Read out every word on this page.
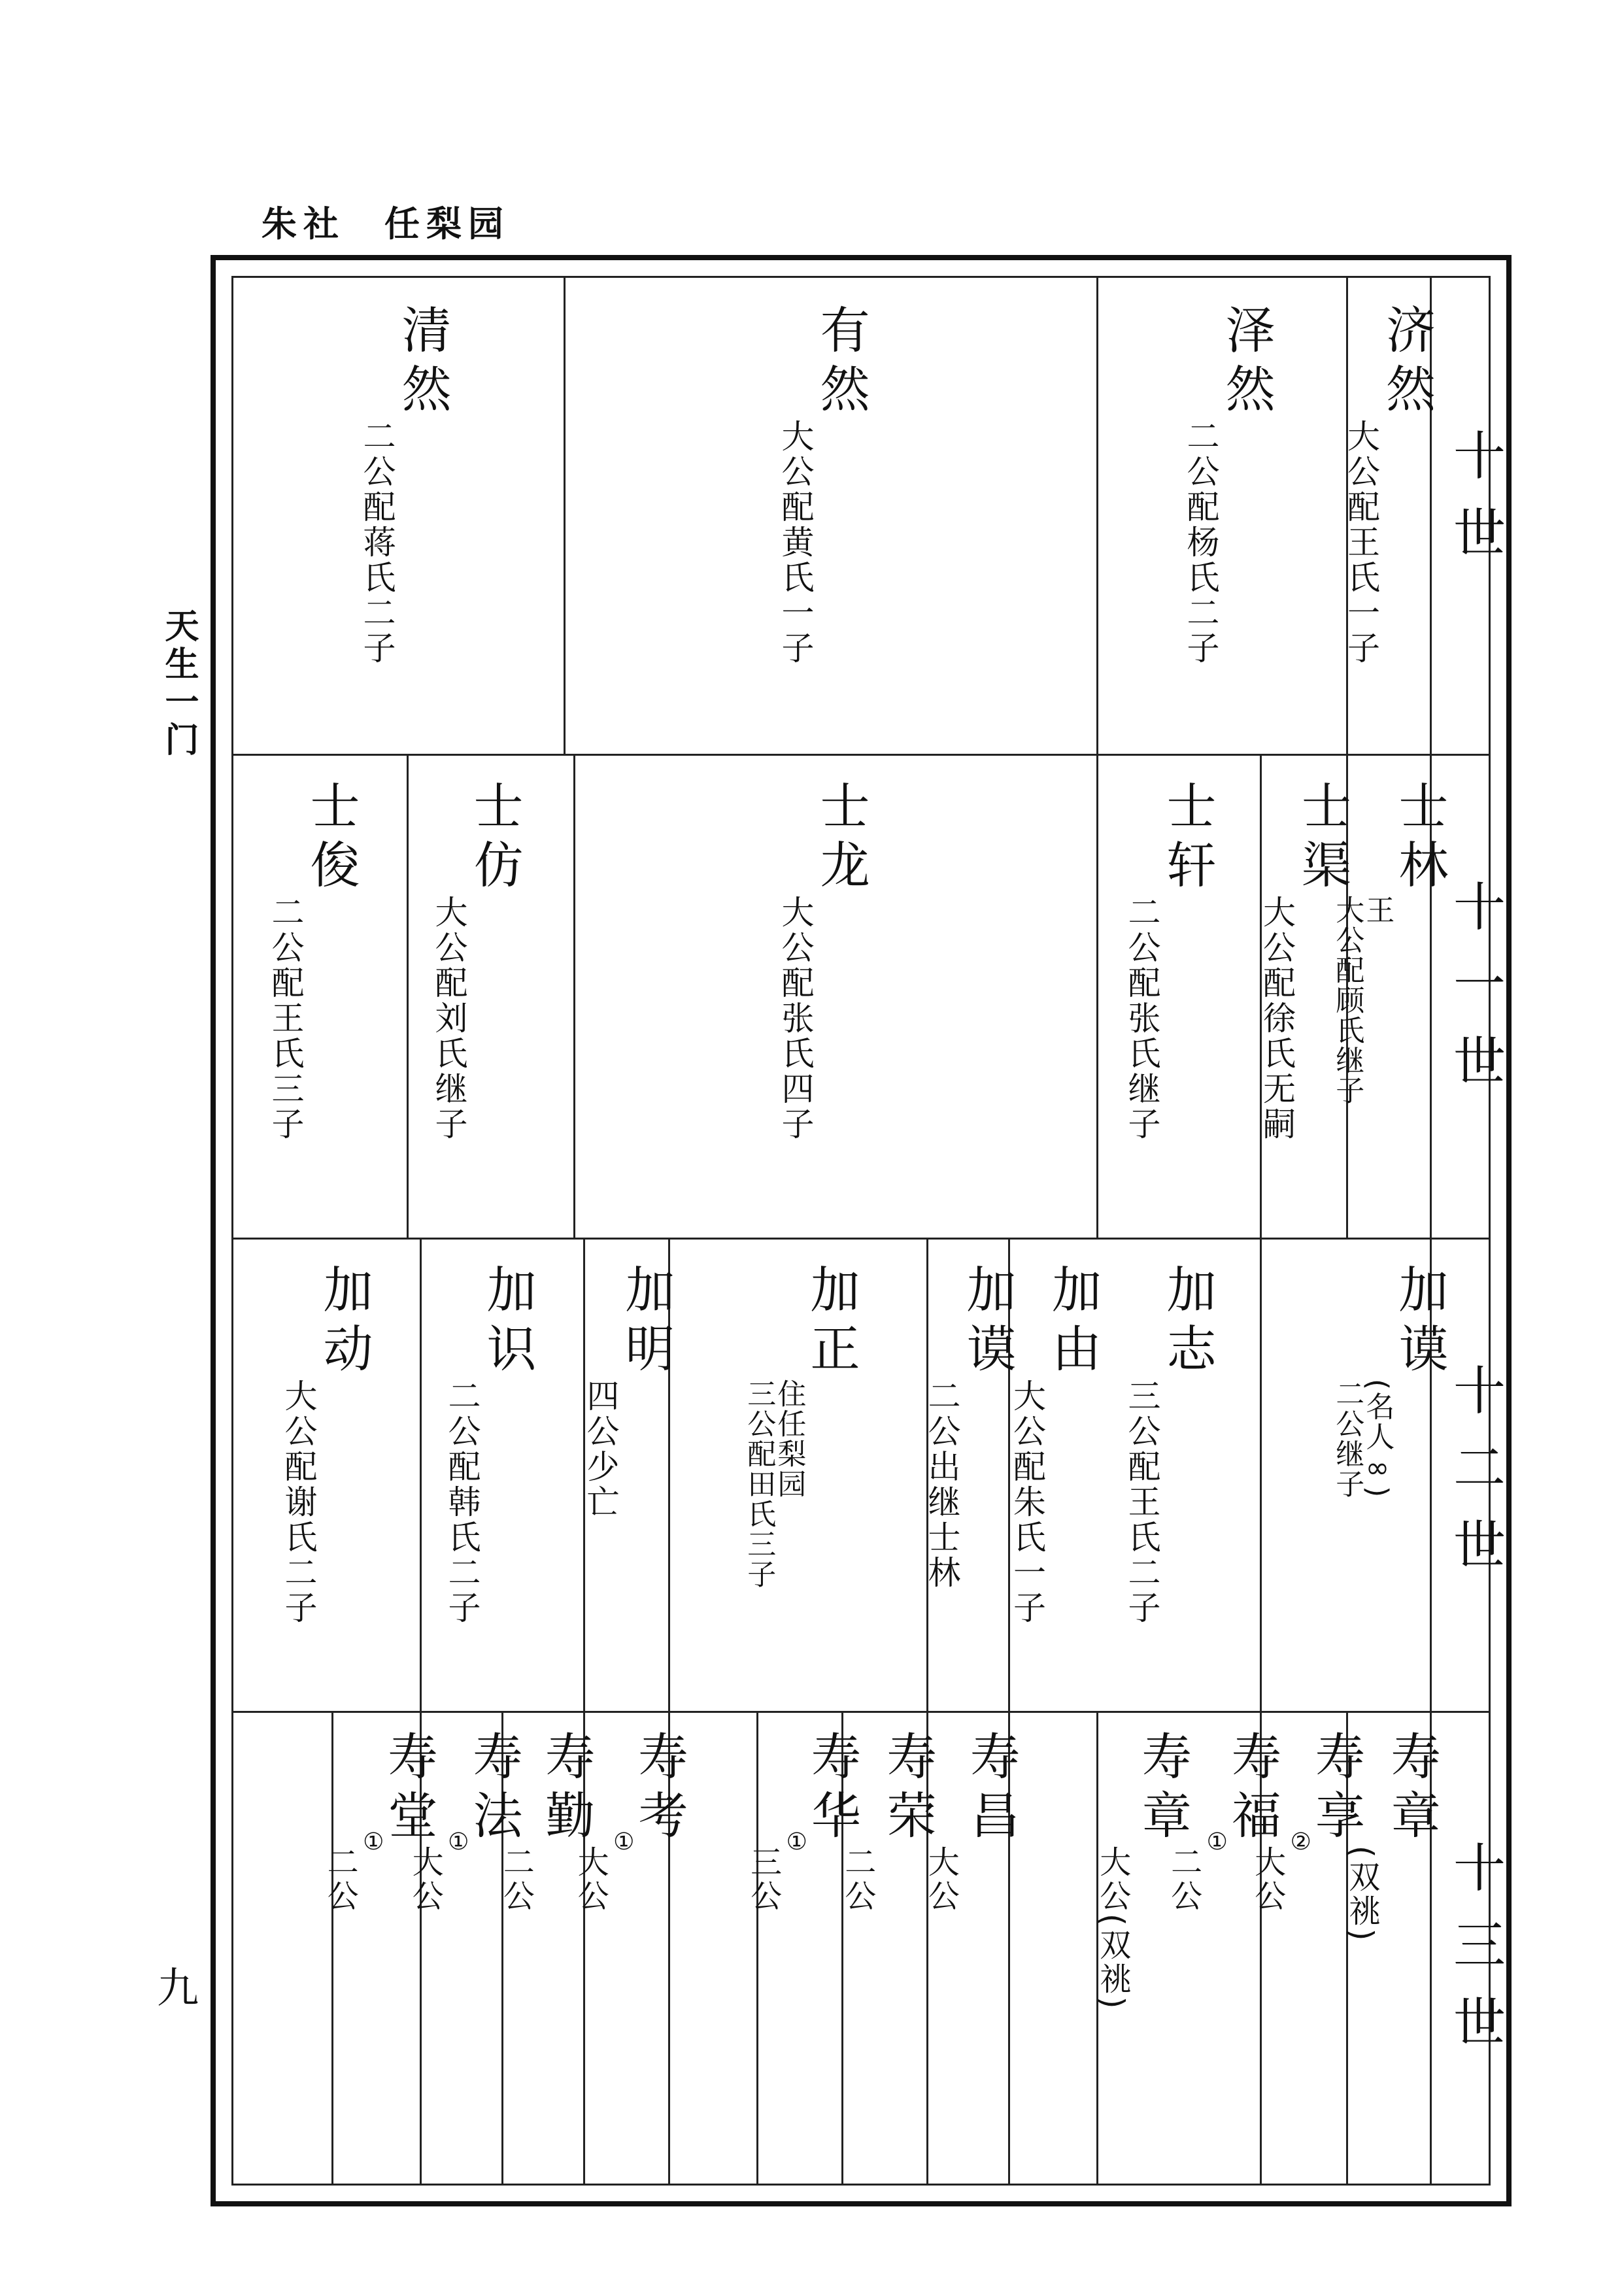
朱社 任梨园
天生一门
九
十世
十一世
十二世
十三世
济然
大公配王氏一子
泽然
二公配杨氏二子
有然
大公配黄氏一子
清然
二公配蒋氏二子
士林
王
大公配顾
氏继子
士渠
大公配徐氏无嗣
士轩
二公配张氏继子
士龙
大公配张氏四子
士仿
大公配刘氏继子
士俊
二公配王氏三子
加谟
(名人∞)
二公继子
加志
三公配王氏二子
加由
大公配朱氏一子
加谟
二公出继士林
加正
住任梨园
三公配田氏三子
加明
四公少亡
加识
二公配韩氏二子
加动
大公配谢氏二子
寿章
(双祧)
寿享
②
大公
寿福
①
二公
寿章
大公(双祧)
寿昌
大公
寿荣
二公
寿华
①
三公
寿考
①
大公
寿勤
二公
寿法
①
大公
寿堂
①
二公
